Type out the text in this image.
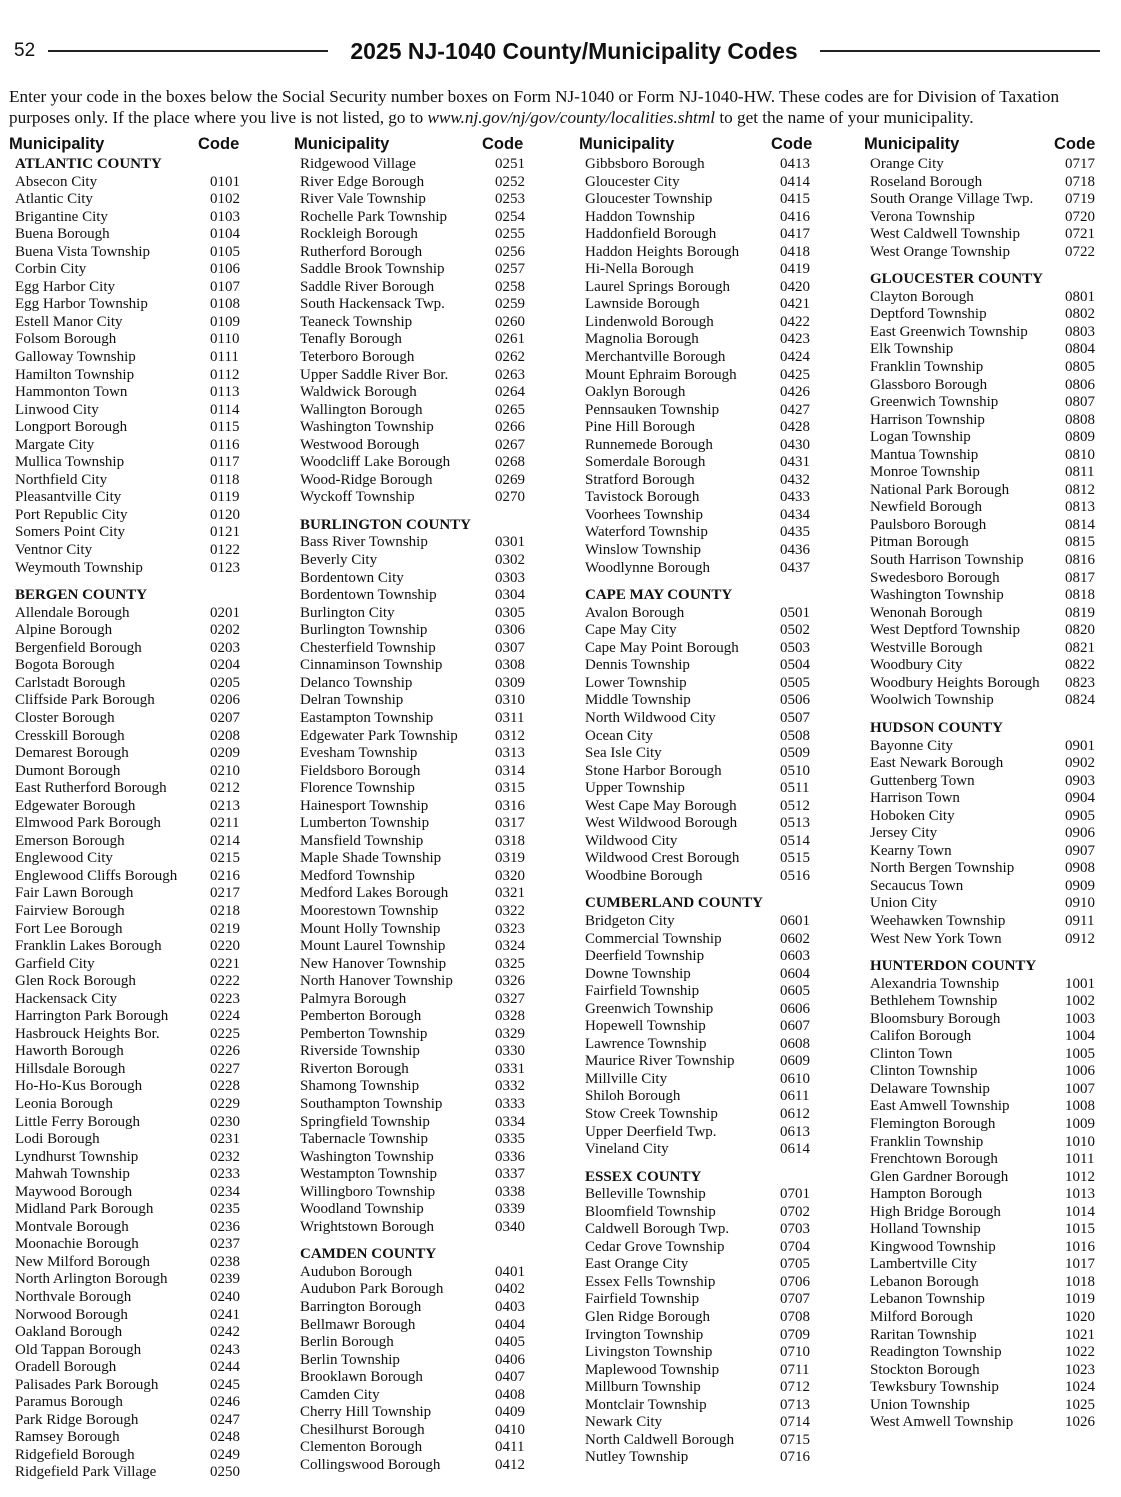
52	2025 NJ-1040 County/Municipality Codes
Enter your code in the boxes below the Social Security number boxes on Form NJ-1040 or Form NJ-1040-HW. These codes are for Division of Taxation purposes only. If the place where you live is not listed, go to www.nj.gov/nj/gov/county/localities.shtml to get the name of your municipality.
Municipality	Code
ATLANTIC COUNTY
Absecon City	0101
Atlantic City	0102
Brigantine City	0103
Buena Borough	0104
Buena Vista Township	0105
Corbin City	0106
Egg Harbor City	0107
Egg Harbor Township	0108
Estell Manor City	0109
Folsom Borough	0110
Galloway Township	0111
Hamilton Township	0112
Hammonton Town	0113
Linwood City	0114
Longport Borough	0115
Margate City	0116
Mullica Township	0117
Northfield City	0118
Pleasantville City	0119
Port Republic City	0120
Somers Point City	0121
Ventnor City	0122
Weymouth Township	0123
BERGEN COUNTY
Allendale Borough	0201
Alpine Borough	0202
Bergenfield Borough	0203
Bogota Borough	0204
Carlstadt Borough	0205
Cliffside Park Borough	0206
Closter Borough	0207
Cresskill Borough	0208
Demarest Borough	0209
Dumont Borough	0210
East Rutherford Borough	0212
Edgewater Borough	0213
Elmwood Park Borough	0211
Emerson Borough	0214
Englewood City	0215
Englewood Cliffs Borough 0216
Fair Lawn Borough	0217
Fairview Borough	0218
Fort Lee Borough	0219
Franklin Lakes Borough	0220
Garfield City	0221
Glen Rock Borough	0222
Hackensack City	0223
Harrington Park Borough	0224
Hasbrouck Heights Bor.	0225
Haworth Borough	0226
Hillsdale Borough	0227
Ho-Ho-Kus Borough	0228
Leonia Borough	0229
Little Ferry Borough	0230
Lodi Borough	0231
Lyndhurst Township	0232
Mahwah Township	0233
Maywood Borough	0234
Midland Park Borough	0235
Montvale Borough	0236
Moonachie Borough	0237
New Milford Borough	0238
North Arlington Borough	0239
Northvale Borough	0240
Norwood Borough	0241
Oakland Borough	0242
Old Tappan Borough	0243
Oradell Borough	0244
Palisades Park Borough	0245
Paramus Borough	0246
Park Ridge Borough	0247
Ramsey Borough	0248
Ridgefield Borough	0249
Ridgefield Park Village	0250
Municipality	Code
Ridgewood Village	0251
River Edge Borough	0252
River Vale Township	0253
Rochelle Park Township	0254
Rockleigh Borough	0255
Rutherford Borough	0256
Saddle Brook Township	0257
Saddle River Borough	0258
South Hackensack Twp.	0259
Teaneck Township	0260
Tenafly Borough	0261
Teterboro Borough	0262
Upper Saddle River Bor.	0263
Waldwick Borough	0264
Wallington Borough	0265
Washington Township	0266
Westwood Borough	0267
Woodcliff Lake Borough	0268
Wood-Ridge Borough	0269
Wyckoff Township	0270
BURLINGTON COUNTY
Bass River Township	0301
Beverly City	0302
Bordentown City	0303
Bordentown Township	0304
Burlington City	0305
Burlington Township	0306
Chesterfield Township	0307
Cinnaminson Township	0308
Delanco Township	0309
Delran Township	0310
Eastampton Township	0311
Edgewater Park Township 0312
Evesham Township	0313
Fieldsboro Borough	0314
Florence Township	0315
Hainesport Township	0316
Lumberton Township	0317
Mansfield Township	0318
Maple Shade Township	0319
Medford Township	0320
Medford Lakes Borough	0321
Moorestown Township	0322
Mount Holly Township	0323
Mount Laurel Township	0324
New Hanover Township	0325
North Hanover Township	0326
Palmyra Borough	0327
Pemberton Borough	0328
Pemberton Township	0329
Riverside Township	0330
Riverton Borough	0331
Shamong Township	0332
Southampton Township	0333
Springfield Township	0334
Tabernacle Township	0335
Washington Township	0336
Westampton Township	0337
Willingboro Township	0338
Woodland Township	0339
Wrightstown Borough	0340
CAMDEN COUNTY
Audubon Borough	0401
Audubon Park Borough	0402
Barrington Borough	0403
Bellmawr Borough	0404
Berlin Borough	0405
Berlin Township	0406
Brooklawn Borough	0407
Camden City	0408
Cherry Hill Township	0409
Chesilhurst Borough	0410
Clementon Borough	0411
Collingswood Borough	0412
Municipality	Code
Gibbsboro Borough	0413
Gloucester City	0414
Gloucester Township	0415
Haddon Township	0416
Haddonfield Borough	0417
Haddon Heights Borough	0418
Hi-Nella Borough	0419
Laurel Springs Borough	0420
Lawnside Borough	0421
Lindenwold Borough	0422
Magnolia Borough	0423
Merchantville Borough	0424
Mount Ephraim Borough	0425
Oaklyn Borough	0426
Pennsauken Township	0427
Pine Hill Borough	0428
Runnemede Borough	0430
Somerdale Borough	0431
Stratford Borough	0432
Tavistock Borough	0433
Voorhees Township	0434
Waterford Township	0435
Winslow Township	0436
Woodlynne Borough	0437
CAPE MAY COUNTY
Avalon Borough	0501
Cape May City	0502
Cape May Point Borough	0503
Dennis Township	0504
Lower Township	0505
Middle Township	0506
North Wildwood City	0507
Ocean City	0508
Sea Isle City	0509
Stone Harbor Borough	0510
Upper Township	0511
West Cape May Borough	0512
West Wildwood Borough	0513
Wildwood City	0514
Wildwood Crest Borough	0515
Woodbine Borough	0516
CUMBERLAND COUNTY
Bridgeton City	0601
Commercial Township	0602
Deerfield Township	0603
Downe Township	0604
Fairfield Township	0605
Greenwich Township	0606
Hopewell Township	0607
Lawrence Township	0608
Maurice River Township	0609
Millville City	0610
Shiloh Borough	0611
Stow Creek Township	0612
Upper Deerfield Twp.	0613
Vineland City	0614
ESSEX COUNTY
Belleville Township	0701
Bloomfield Township	0702
Caldwell Borough Twp.	0703
Cedar Grove Township	0704
East Orange City	0705
Essex Fells Township	0706
Fairfield Township	0707
Glen Ridge Borough	0708
Irvington Township	0709
Livingston Township	0710
Maplewood Township	0711
Millburn Township	0712
Montclair Township	0713
Newark City	0714
North Caldwell Borough	0715
Nutley Township	0716
Municipality	Code
Orange City	0717
Roseland Borough	0718
South Orange Village Twp. 0719
Verona Township	0720
West Caldwell Township	0721
West Orange Township	0722
GLOUCESTER COUNTY
Clayton Borough	0801
Deptford Township	0802
East Greenwich Township 0803
Elk Township	0804
Franklin Township	0805
Glassboro Borough	0806
Greenwich Township	0807
Harrison Township	0808
Logan Township	0809
Mantua Township	0810
Monroe Township	0811
National Park Borough	0812
Newfield Borough	0813
Paulsboro Borough	0814
Pitman Borough	0815
South Harrison Township	0816
Swedesboro Borough	0817
Washington Township	0818
Wenonah Borough	0819
West Deptford Township	0820
Westville Borough	0821
Woodbury City	0822
Woodbury Heights Borough 0823
Woolwich Township	0824
HUDSON COUNTY
Bayonne City	0901
East Newark Borough	0902
Guttenberg Town	0903
Harrison Town	0904
Hoboken City	0905
Jersey City	0906
Kearny Town	0907
North Bergen Township	0908
Secaucus Town	0909
Union City	0910
Weehawken Township	0911
West New York Town	0912
HUNTERDON COUNTY
Alexandria Township	1001
Bethlehem Township	1002
Bloomsbury Borough	1003
Califon Borough	1004
Clinton Town	1005
Clinton Township	1006
Delaware Township	1007
East Amwell Township	1008
Flemington Borough	1009
Franklin Township	1010
Frenchtown Borough	1011
Glen Gardner Borough	1012
Hampton Borough	1013
High Bridge Borough	1014
Holland Township	1015
Kingwood Township	1016
Lambertville City	1017
Lebanon Borough	1018
Lebanon Township	1019
Milford Borough	1020
Raritan Township	1021
Readington Township	1022
Stockton Borough	1023
Tewksbury Township	1024
Union Township	1025
West Amwell Township	1026
